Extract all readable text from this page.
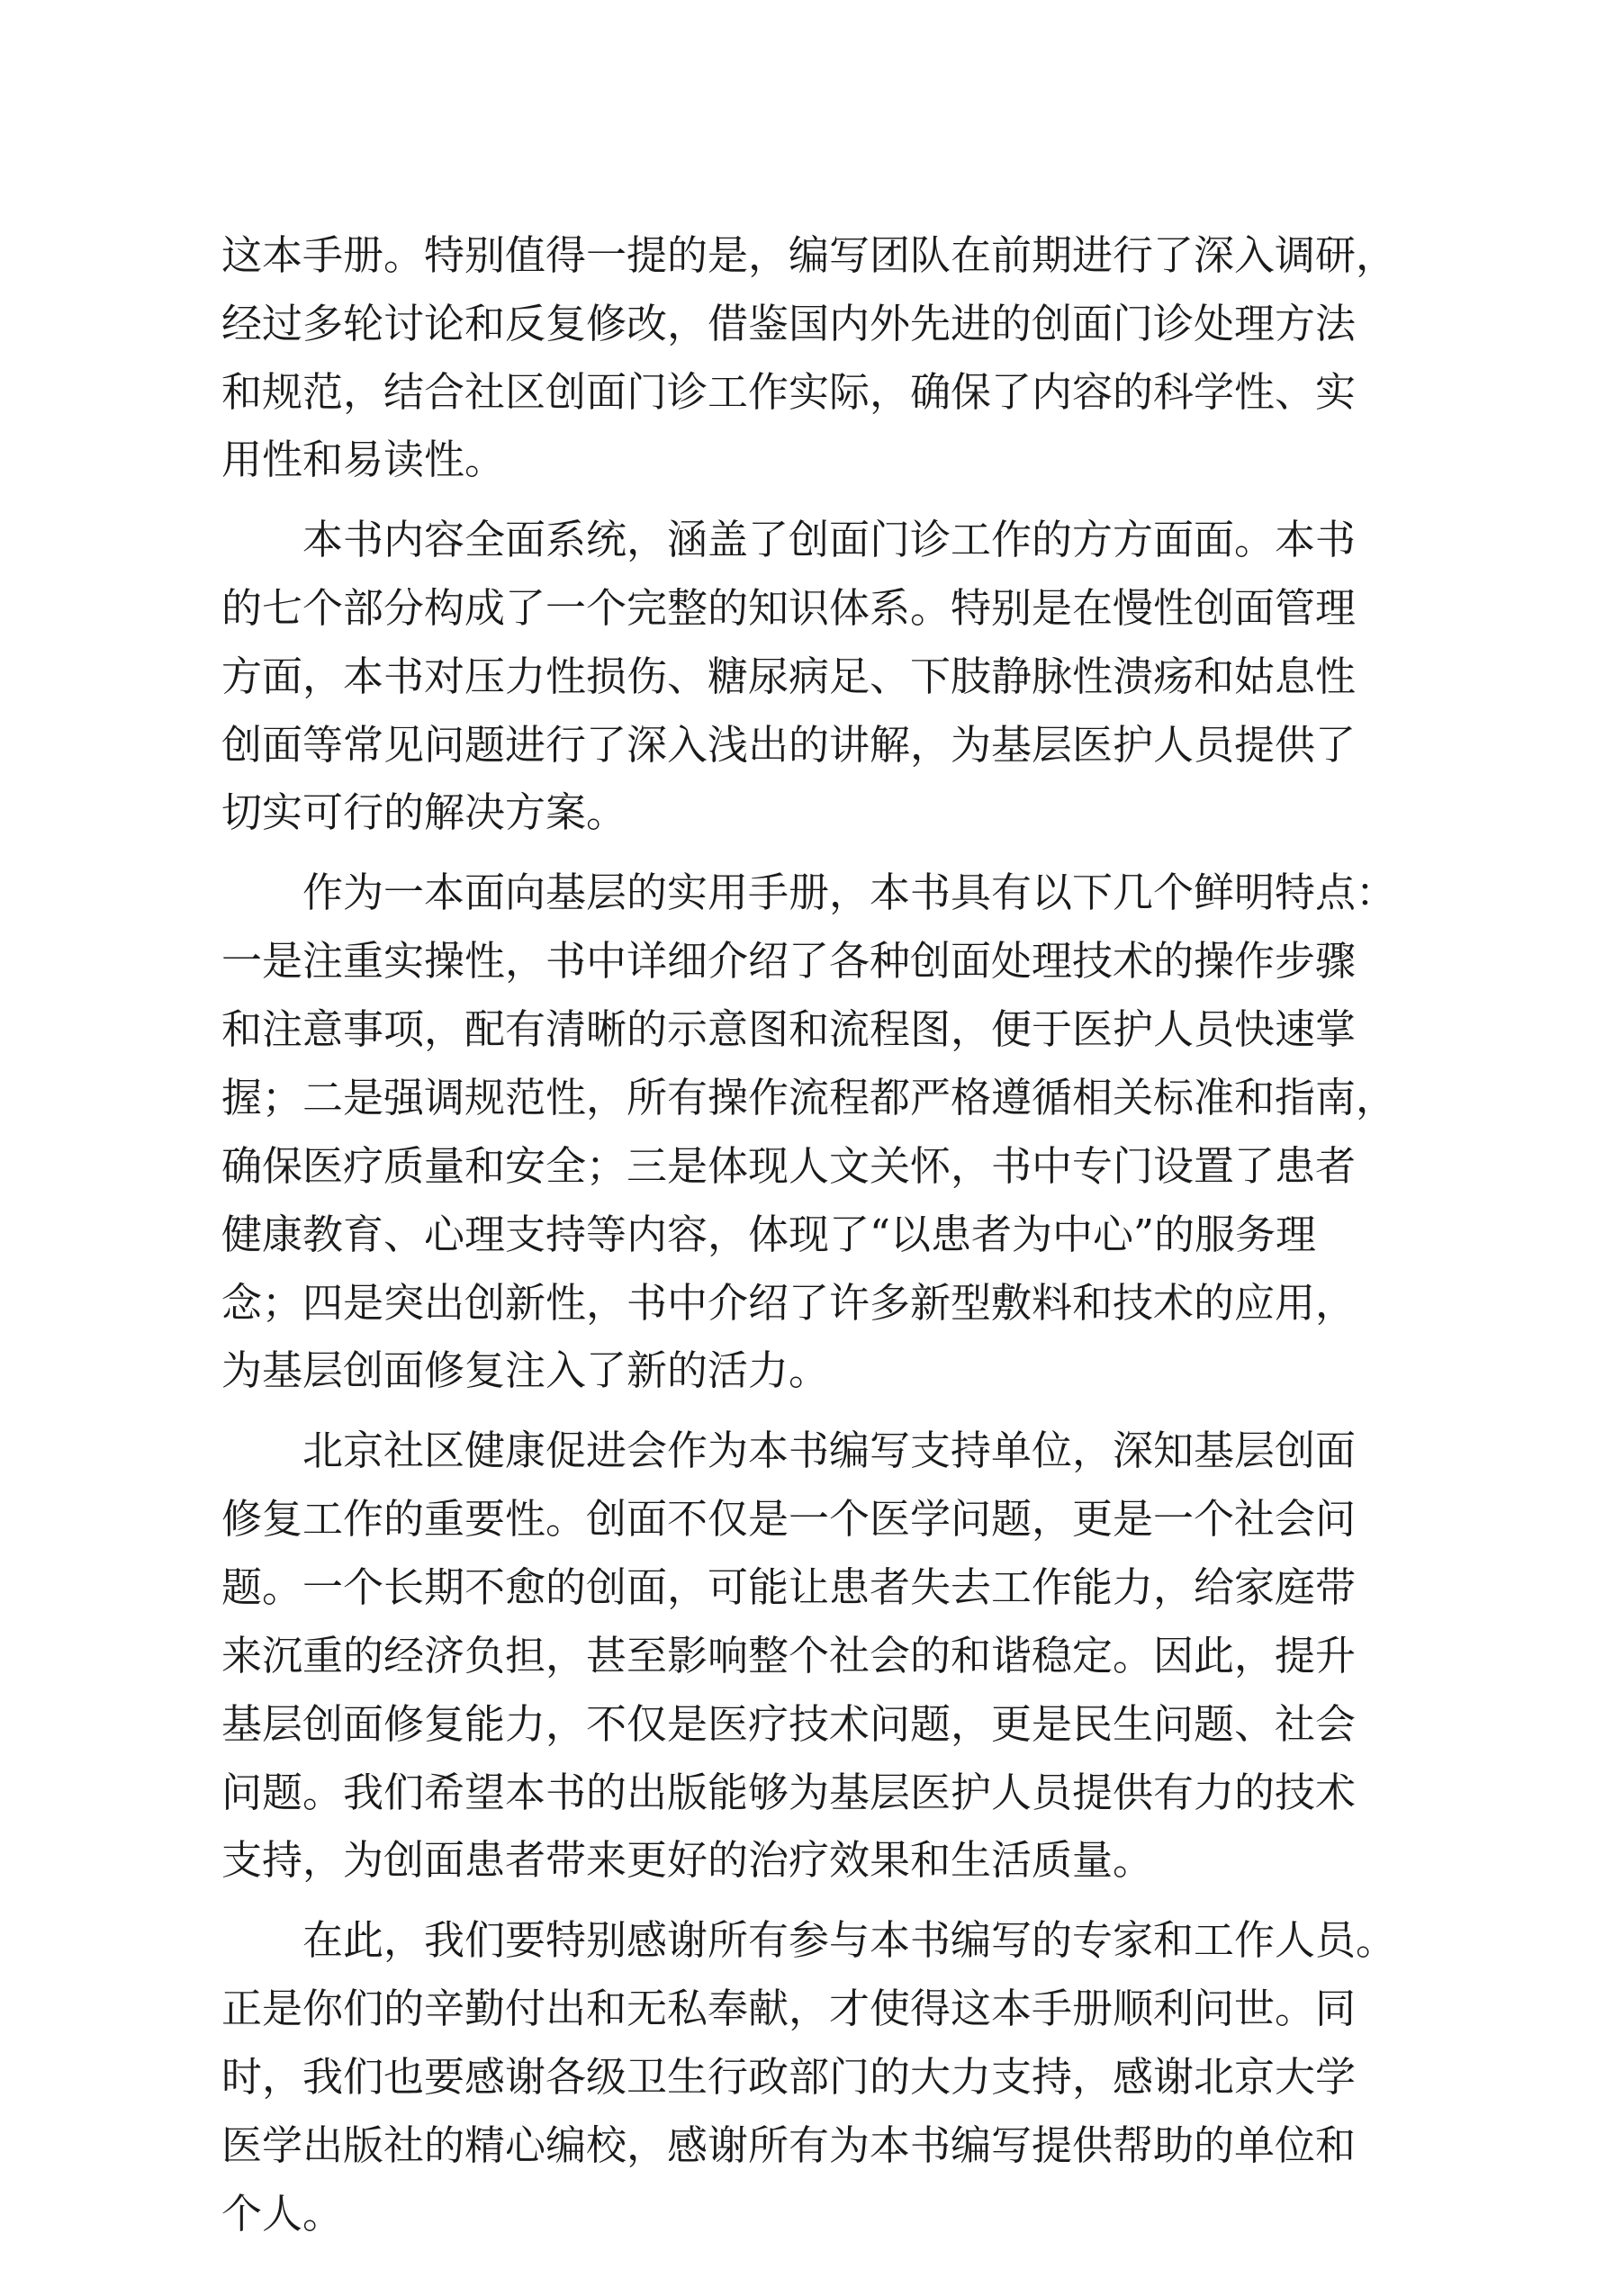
这本手册。特别值得一提的是，编写团队在前期进行了深入调研，
经过多轮讨论和反复修改，借鉴国内外先进的创面门诊处理方法
和规范，结合社区创面门诊工作实际，确保了内容的科学性、实
用性和易读性。
本书内容全面系统，涵盖了创面门诊工作的方方面面。本书
的七个部分构成了一个完整的知识体系。特别是在慢性创面管理
方面，本书对压力性损伤、糖尿病足、下肢静脉性溃疡和姑息性
创面等常见问题进行了深入浅出的讲解，为基层医护人员提供了
切实可行的解决方案。
作为一本面向基层的实用手册，本书具有以下几个鲜明特点：
一是注重实操性，书中详细介绍了各种创面处理技术的操作步骤
和注意事项，配有清晰的示意图和流程图，便于医护人员快速掌
握；二是强调规范性，所有操作流程都严格遵循相关标准和指南，
确保医疗质量和安全；三是体现人文关怀，书中专门设置了患者
健康教育、心理支持等内容，体现了“以患者为中心”的服务理
念；四是突出创新性，书中介绍了许多新型敷料和技术的应用，
为基层创面修复注入了新的活力。
北京社区健康促进会作为本书编写支持单位，深知基层创面
修复工作的重要性。创面不仅是一个医学问题，更是一个社会问
题。一个长期不愈的创面，可能让患者失去工作能力，给家庭带
来沉重的经济负担，甚至影响整个社会的和谐稳定。因此，提升
基层创面修复能力，不仅是医疗技术问题，更是民生问题、社会
问题。我们希望本书的出版能够为基层医护人员提供有力的技术
支持，为创面患者带来更好的治疗效果和生活质量。
在此，我们要特别感谢所有参与本书编写的专家和工作人员。
正是你们的辛勤付出和无私奉献，才使得这本手册顺利问世。同
时，我们也要感谢各级卫生行政部门的大力支持，感谢北京大学
医学出版社的精心编校，感谢所有为本书编写提供帮助的单位和
个人。
